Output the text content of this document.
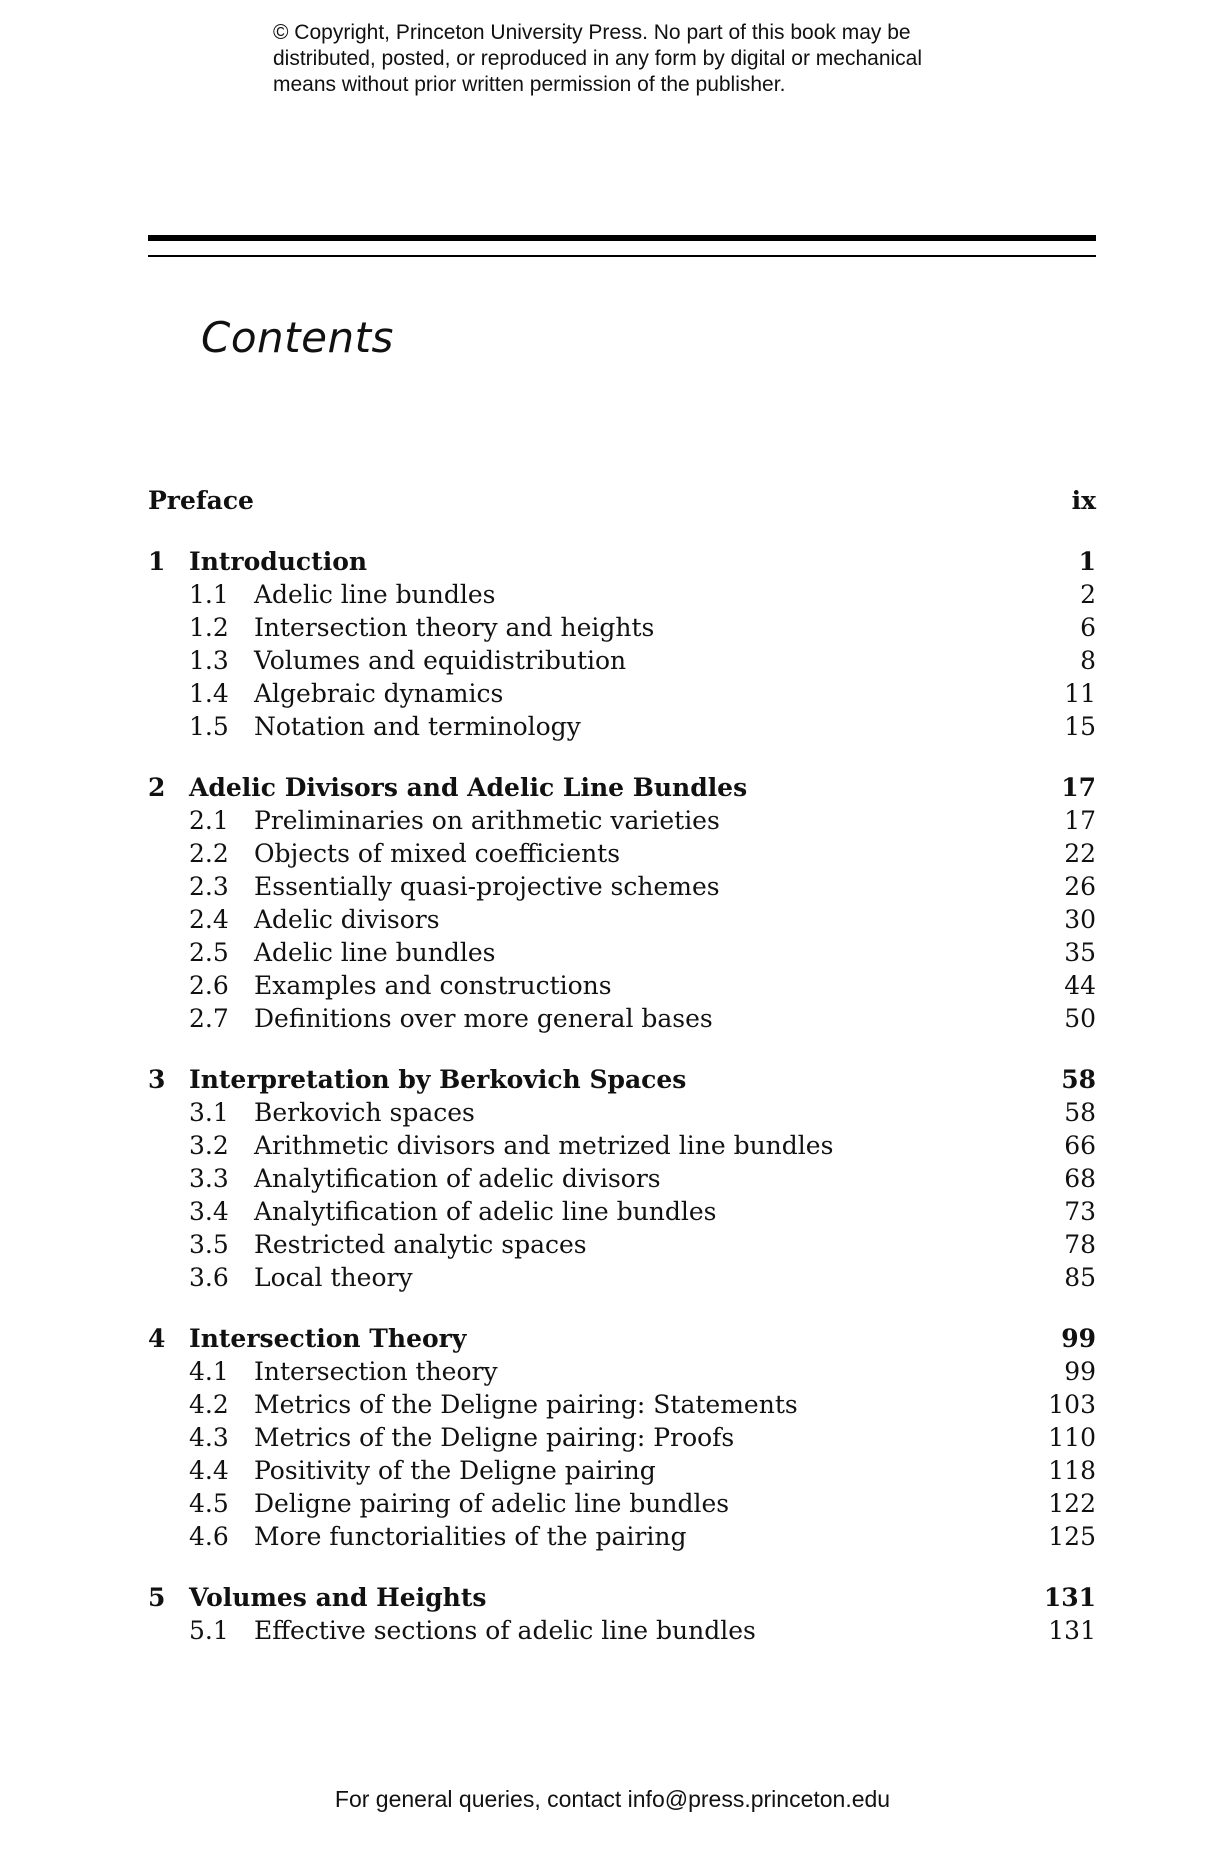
© Copyright, Princeton University Press. No part of this book may be
distributed, posted, or reproduced in any form by digital or mechanical
means without prior written permission of the publisher.
Contents
Preface	ix
1 Introduction	1
1.1 Adelic line bundles	2
1.2 Intersection theory and heights	6
1.3 Volumes and equidistribution	8
1.4 Algebraic dynamics	11
1.5 Notation and terminology	15
2 Adelic Divisors and Adelic Line Bundles	17
2.1 Preliminaries on arithmetic varieties	17
2.2 Objects of mixed coefficients	22
2.3 Essentially quasi-projective schemes	26
2.4 Adelic divisors	30
2.5 Adelic line bundles	35
2.6 Examples and constructions	44
2.7 Definitions over more general bases	50
3 Interpretation by Berkovich Spaces	58
3.1 Berkovich spaces	58
3.2 Arithmetic divisors and metrized line bundles	66
3.3 Analytification of adelic divisors	68
3.4 Analytification of adelic line bundles	73
3.5 Restricted analytic spaces	78
3.6 Local theory	85
4 Intersection Theory	99
4.1 Intersection theory	99
4.2 Metrics of the Deligne pairing: Statements	103
4.3 Metrics of the Deligne pairing: Proofs	110
4.4 Positivity of the Deligne pairing	118
4.5 Deligne pairing of adelic line bundles	122
4.6 More functorialities of the pairing	125
5 Volumes and Heights	131
5.1 Effective sections of adelic line bundles	131
For general queries, contact info@press.princeton.edu
